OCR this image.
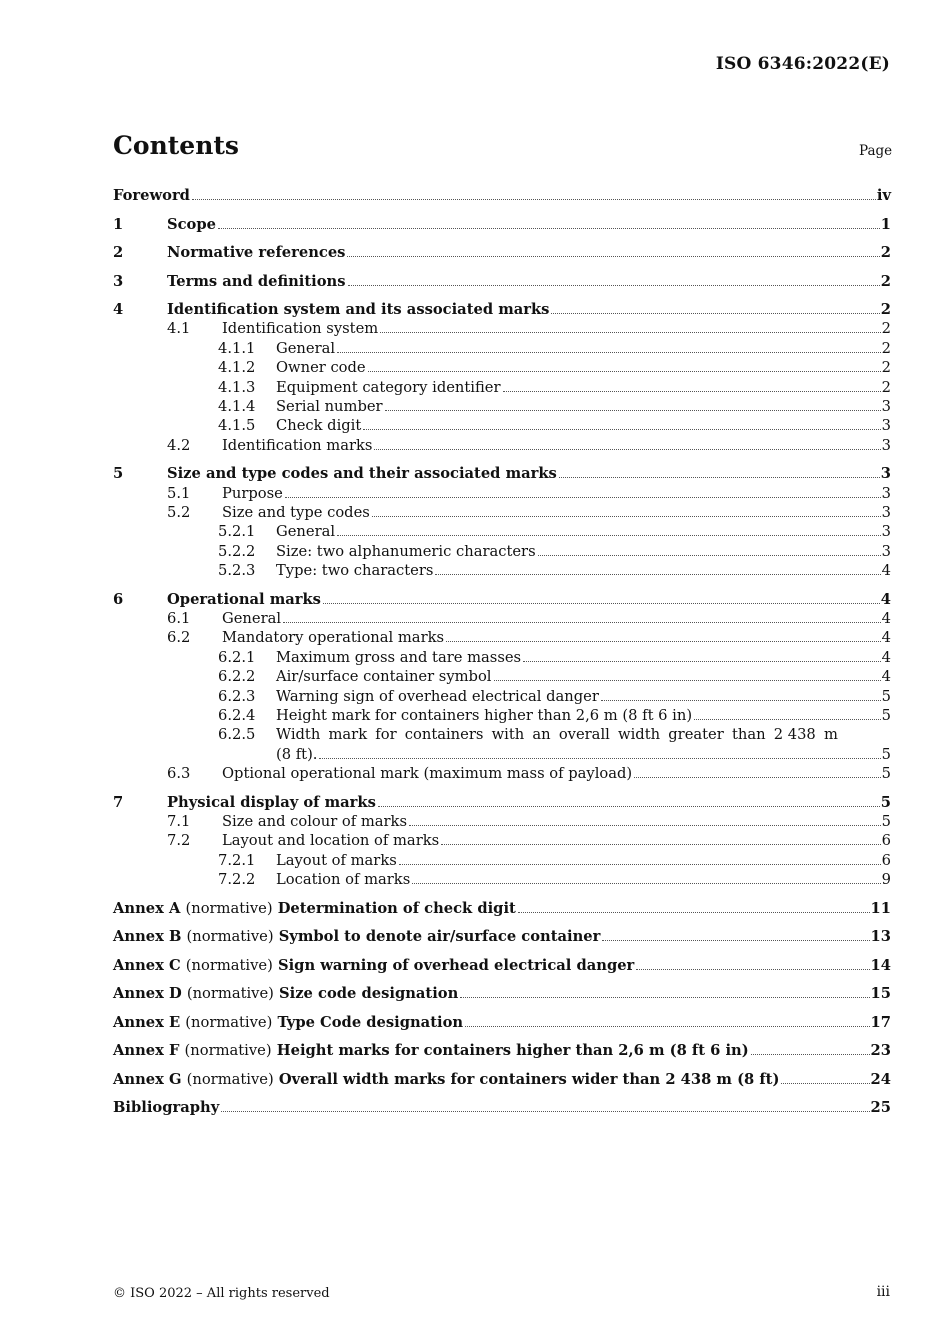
ISO 6346:2022(E)
Contents	Page
Foreword	iv
1	Scope	1
2	Normative references	2
3	Terms and definitions	2
4	Identification system and its associated marks	2
4.1	Identification system	2
4.1.1	General	2
4.1.2	Owner code	2
4.1.3	Equipment category identifier	2
4.1.4	Serial number	3
4.1.5	Check digit	3
4.2	Identification marks	3
5	Size and type codes and their associated marks	3
5.1	Purpose	3
5.2	Size and type codes	3
5.2.1	General	3
5.2.2	Size: two alphanumeric characters	3
5.2.3	Type: two characters	4
6	Operational marks	4
6.1	General	4
6.2	Mandatory operational marks	4
6.2.1	Maximum gross and tare masses	4
6.2.2	Air/surface container symbol	4
6.2.3	Warning sign of overhead electrical danger	5
6.2.4	Height mark for containers higher than 2,6 m (8 ft 6 in)	5
6.2.5	Width mark for containers with an overall width greater than 2 438 m
(8 ft).	5
6.3	Optional operational mark (maximum mass of payload)	5
7	Physical display of marks	5
7.1	Size and colour of marks	5
7.2	Layout and location of marks	6
7.2.1	Layout of marks	6
7.2.2	Location of marks	9
Annex A (normative) Determination of check digit	11
Annex B (normative) Symbol to denote air/surface container	13
Annex C (normative) Sign warning of overhead electrical danger	14
Annex D (normative) Size code designation	15
Annex E (normative) Type Code designation	17
Annex F (normative) Height marks for containers higher than 2,6 m (8 ft 6 in)	23
Annex G (normative) Overall width marks for containers wider than 2 438 m (8 ft)	24
Bibliography	25
© ISO 2022 – All rights reserved	iii
